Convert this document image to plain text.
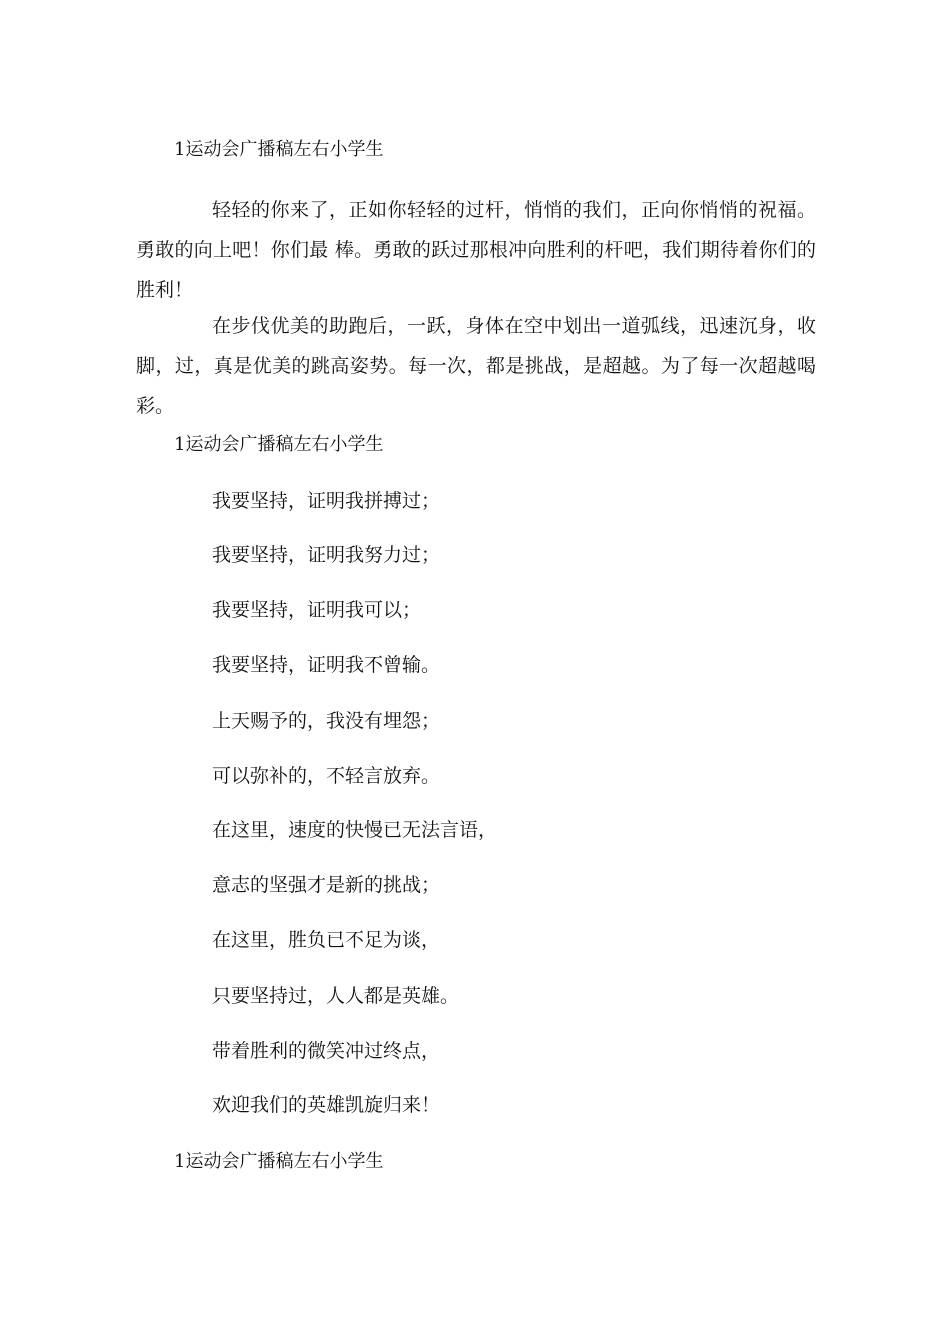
1运动会广播稿左右小学生
轻轻的你来了，正如你轻轻的过杆，悄悄的我们，正向你悄悄的祝福。勇敢的向上吧！你们最 棒。勇敢的跃过那根冲向胜利的杆吧，我们期待着你们的胜利！
在步伐优美的助跑后，一跃，身体在空中划出一道弧线，迅速沉身，收脚，过，真是优美的跳高姿势。每一次，都是挑战，是超越。为了每一次超越喝彩。
1运动会广播稿左右小学生
我要坚持，证明我拼搏过；
我要坚持，证明我努力过；
我要坚持，证明我可以；
我要坚持，证明我不曾输。
上天赐予的，我没有埋怨；
可以弥补的，不轻言放弃。
在这里，速度的快慢已无法言语，
意志的坚强才是新的挑战；
在这里，胜负已不足为谈，
只要坚持过，人人都是英雄。
带着胜利的微笑冲过终点，
欢迎我们的英雄凯旋归来！
1运动会广播稿左右小学生
